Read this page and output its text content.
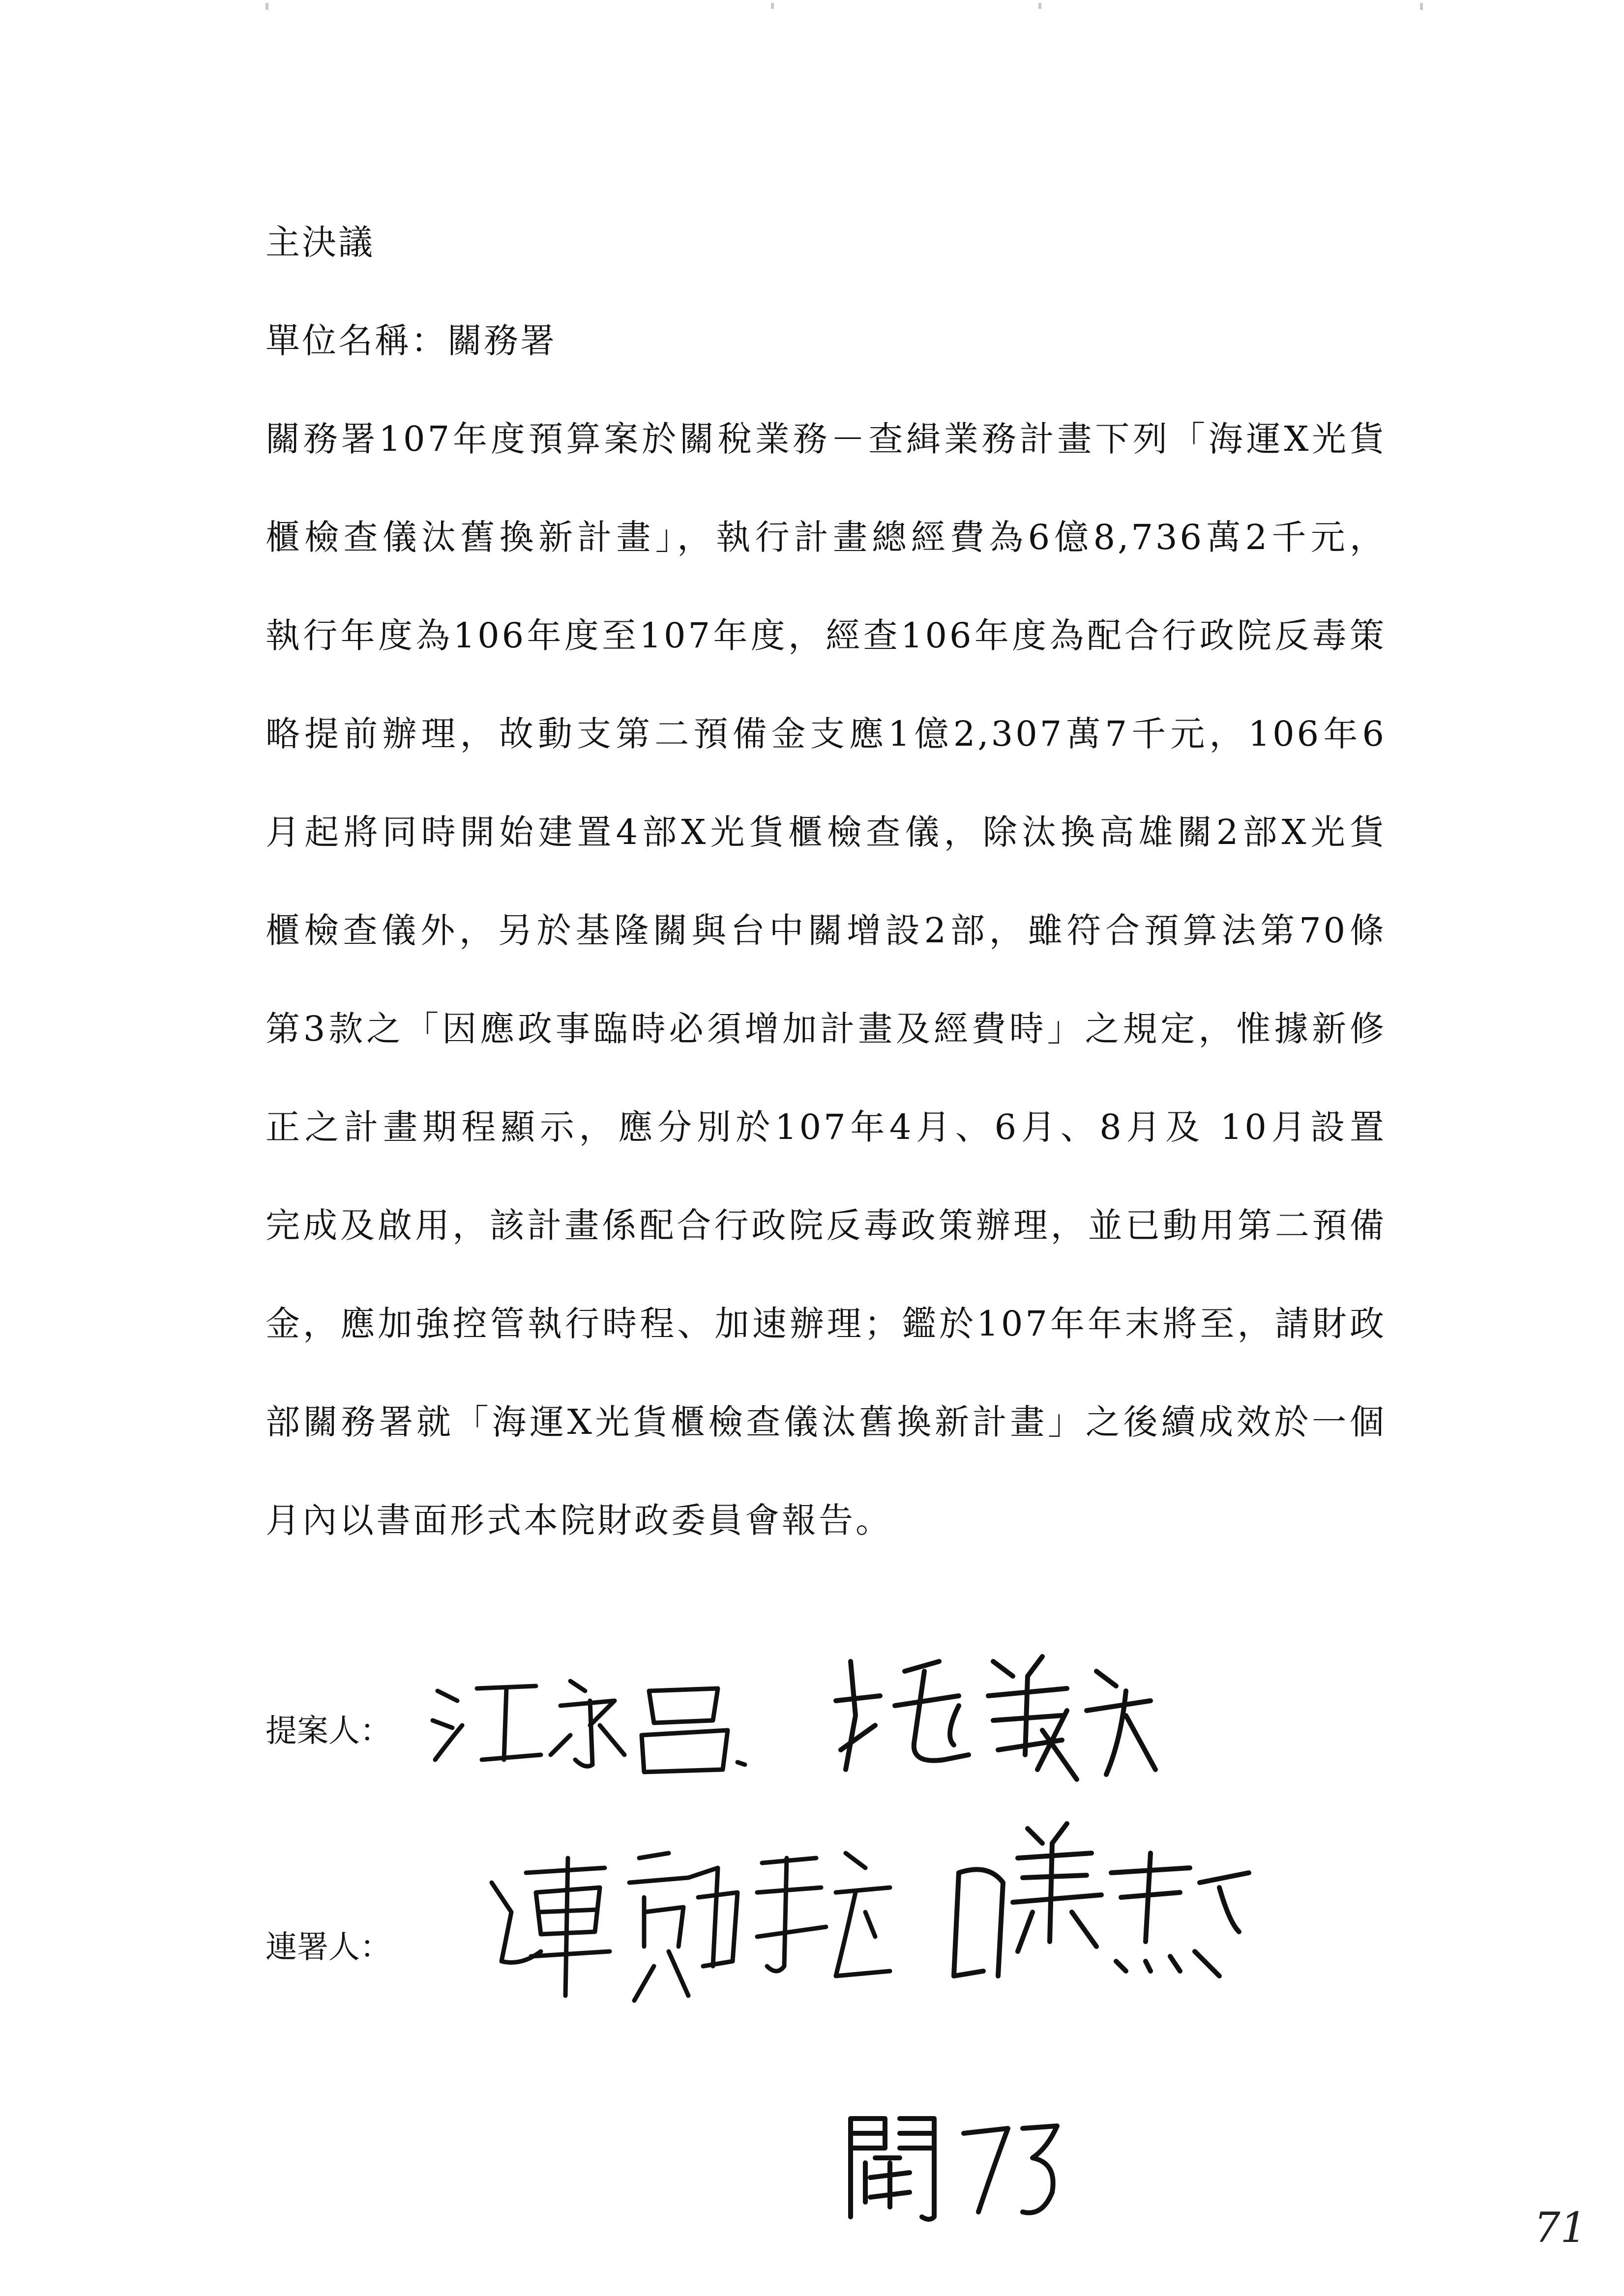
主決議
單位名稱：關務署
關務署107年度預算案於關稅業務－查緝業務計畫下列「海運X光貨
櫃檢查儀汰舊換新計畫」，執行計畫總經費為6億8,736萬2千元，
執行年度為106年度至107年度，經查106年度為配合行政院反毒策
略提前辦理，故動支第二預備金支應1億2,307萬7千元，106年6
月起將同時開始建置4部X光貨櫃檢查儀，除汰換高雄關2部X光貨
櫃檢查儀外，另於基隆關與台中關增設2部，雖符合預算法第70條
第3款之「因應政事臨時必須增加計畫及經費時」之規定，惟據新修
正之計畫期程顯示，應分別於107年4月、6月、8月及 10月設置
完成及啟用，該計畫係配合行政院反毒政策辦理，並已動用第二預備
金，應加強控管執行時程、加速辦理；鑑於107年年末將至，請財政
部關務署就「海運X光貨櫃檢查儀汰舊換新計畫」之後續成效於一個
月內以書面形式本院財政委員會報告。
提案人：
連署人：
71
